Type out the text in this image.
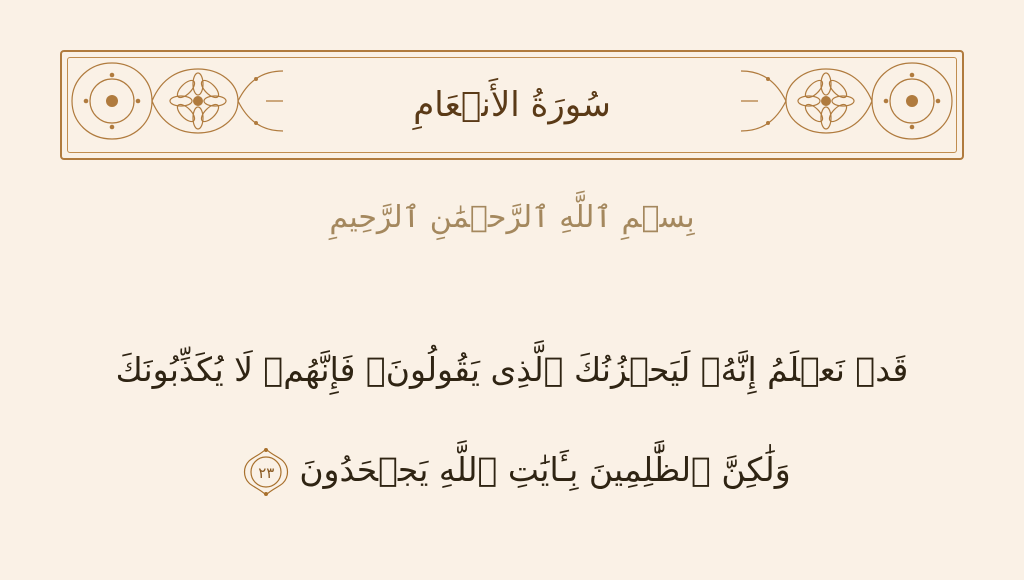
سُورَةُ الأَنۡعَامِ
بِسۡمِ ٱللَّهِ ٱلرَّحۡمَٰنِ ٱلرَّحِيمِ
قَدۡ نَعۡلَمُ إِنَّهُۥ لَيَحۡزُنُكَ ٱلَّذِى يَقُولُونَۖ فَإِنَّهُمۡ لَا يُكَذِّبُونَكَ
وَلَٰكِنَّ ٱلظَّٰلِمِينَ بِـَٔايَٰتِ ٱللَّهِ يَجۡحَدُونَ
٢٣
